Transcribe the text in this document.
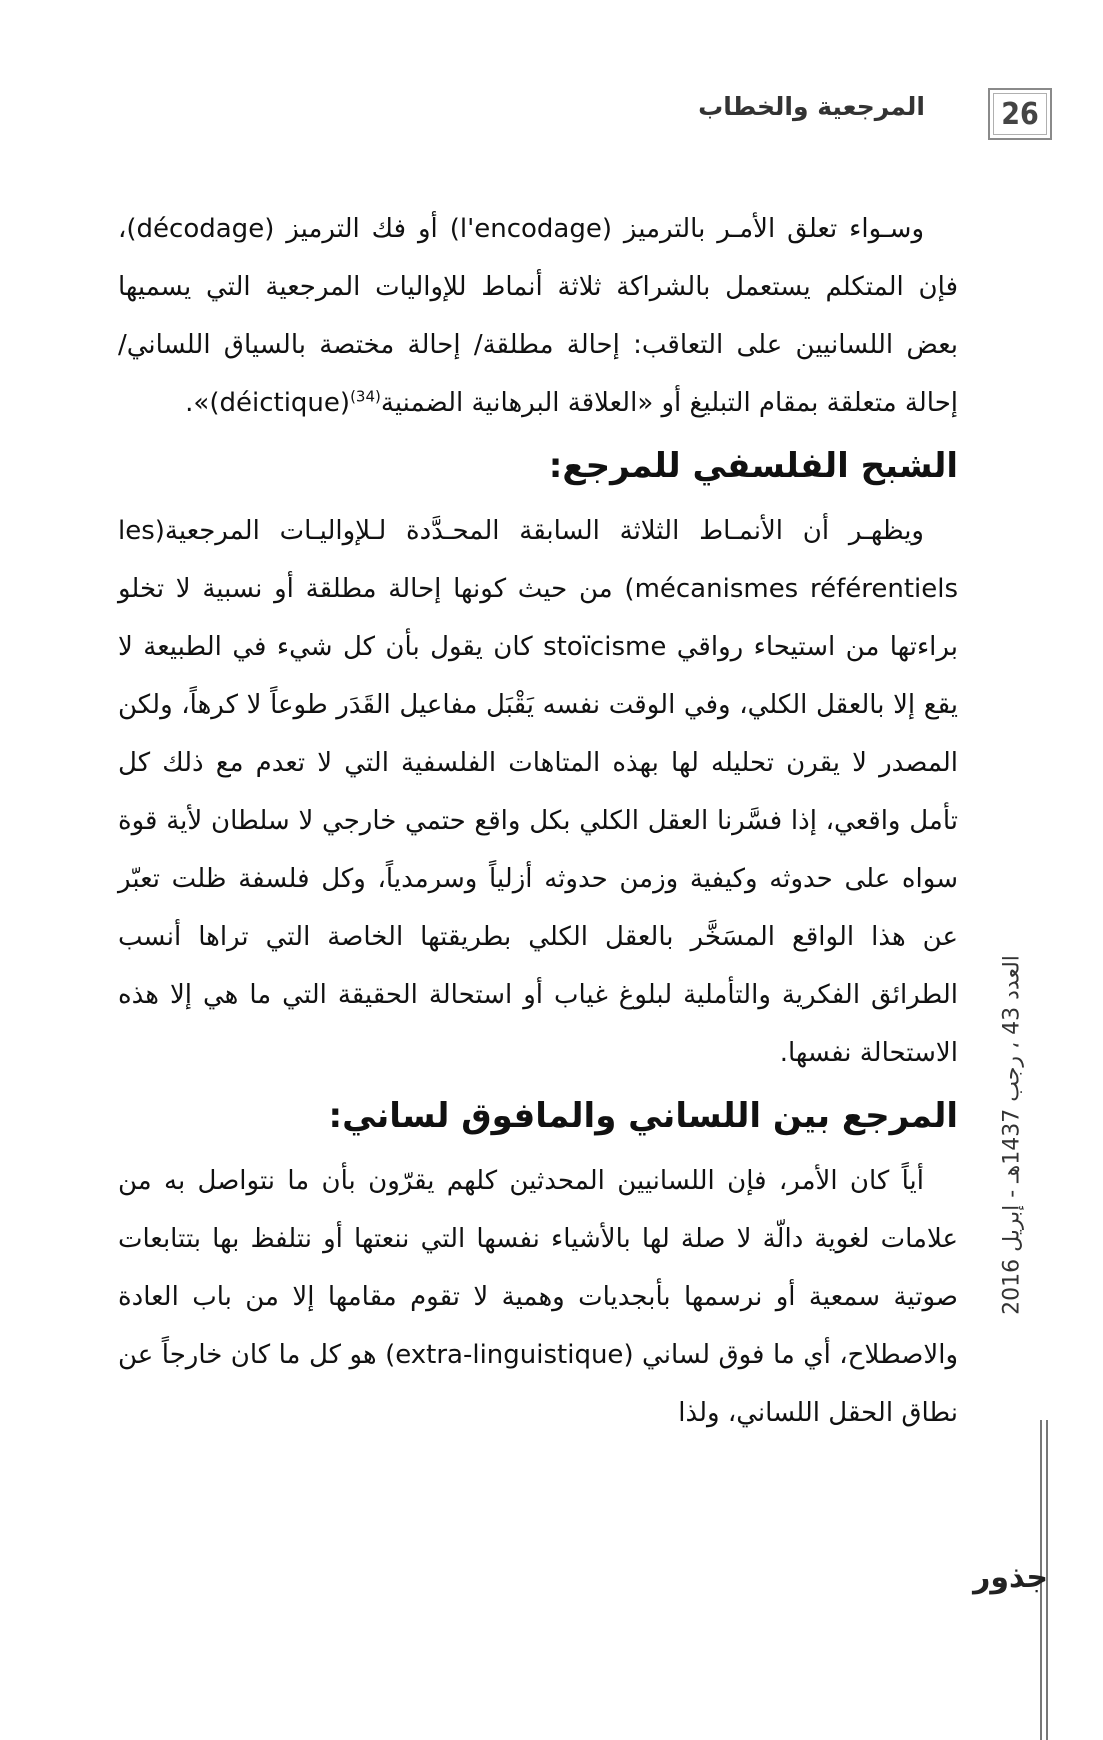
26
المرجعية والخطاب

وسـواء تعلق الأمـر بالترميز (l'encodage) أو فك الترميز (décodage)، فإن المتكلم يستعمل بالشراكة ثلاثة أنماط للإواليات المرجعية التي يسميها بعض اللسانيين على التعاقب: إحالة مطلقة/ إحالة مختصة بالسياق اللساني/إحالة متعلقة بمقام التبليغ أو «العلاقة البرهانية الضمنية$^{(34)}$(déictique)».

الشبح الفلسفي للمرجع:

ويظهـر أن الأنمـاط الثلاثة السابقة المحـدَّدة لـلإواليـات المرجعية(les mécanismes référentiels) من حيث كونها إحالة مطلقة أو نسبية لا تخلو براءتها من استيحاء رواقي stoïcisme كان يقول بأن كل شيء في الطبيعة لا يقع إلا بالعقل الكلي، وفي الوقت نفسه يَقْبَل مفاعيل القَدَر طوعاً لا كرهاً، ولكن المصدر لا يقرن تحليله لها بهذه المتاهات الفلسفية التي لا تعدم مع ذلك كل تأمل واقعي، إذا فسَّرنا العقل الكلي بكل واقع حتمي خارجي لا سلطان لأية قوة سواه على حدوثه وكيفية وزمن حدوثه أزلياً وسرمدياً، وكل فلسفة ظلت تعبّر عن هذا الواقع المسَخَّر بالعقل الكلي بطريقتها الخاصة التي تراها أنسب الطرائق الفكرية والتأملية لبلوغ غياب أو استحالة الحقيقة التي ما هي إلا هذه الاستحالة نفسها.

المرجع بين اللساني والمافوق لساني:

أياً كان الأمر، فإن اللسانيين المحدثين كلهم يقرّون بأن ما نتواصل به من علامات لغوية دالّة لا صلة لها بالأشياء نفسها التي ننعتها أو نتلفظ بها بتتابعات صوتية سمعية أو نرسمها بأبجديات وهمية لا تقوم مقامها إلا من باب العادة والاصطلاح، أي ما فوق لساني (extra-linguistique) هو كل ما كان خارجاً عن نطاق الحقل اللساني، ولذا

العدد 43 ، رجب 1437هـ - إبريل 2016
جذور
